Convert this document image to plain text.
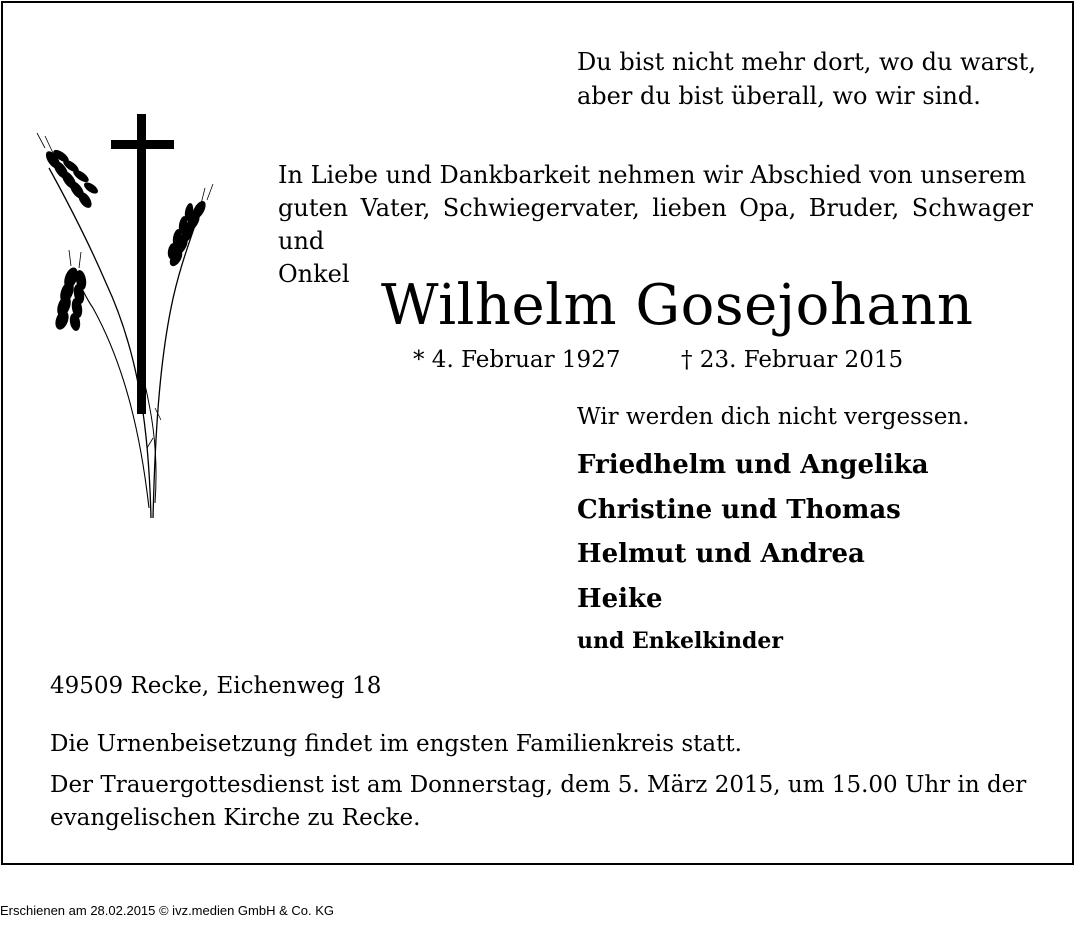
Du bist nicht mehr dort, wo du warst,
aber du bist überall, wo wir sind.
In Liebe und Dankbarkeit nehmen wir Abschied von unserem
guten Vater, Schwiegervater, lieben Opa, Bruder, Schwager und
Onkel Wilhelm Gosejohann
* 4. Februar 1927	† 23. Februar 2015
Wir werden dich nicht vergessen.
Friedhelm und Angelika
Christine und Thomas
Helmut und Andrea
Heike
und Enkelkinder
49509 Recke, Eichenweg 18
Die Urnenbeisetzung findet im engsten Familienkreis statt.
Der Trauergottesdienst ist am Donnerstag, dem 5. März 2015, um 15.00 Uhr in der evangelischen Kirche zu Recke.
Erschienen am 28.02.2015 © ivz.medien GmbH & Co. KG
